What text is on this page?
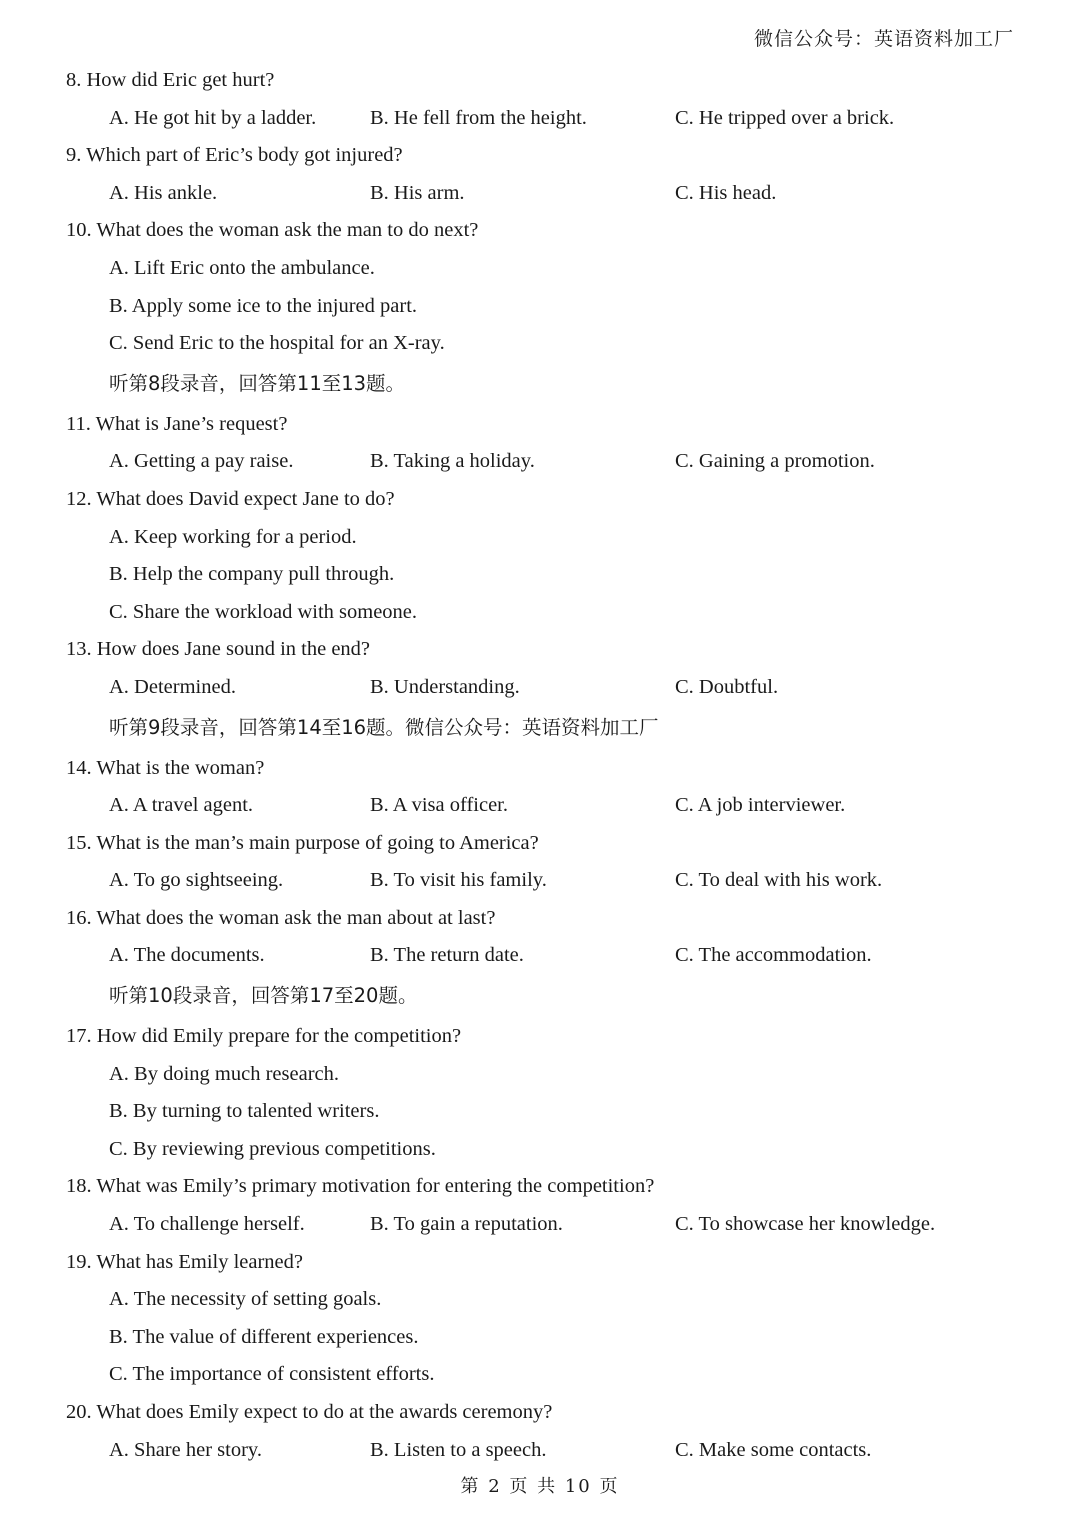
微信公众号：英语资料加工厂
8. How did Eric get hurt?
A. He got hit by a ladder.	B. He fell from the height.	C. He tripped over a brick.
9. Which part of Eric’s body got injured?
A. His ankle.	B. His arm.	C. His head.
10. What does the woman ask the man to do next?
A. Lift Eric onto the ambulance.
B. Apply some ice to the injured part.
C. Send Eric to the hospital for an X-ray.
听第8段录音，回答第11至13题。
11. What is Jane’s request?
A. Getting a pay raise.	B. Taking a holiday.	C. Gaining a promotion.
12. What does David expect Jane to do?
A. Keep working for a period.
B. Help the company pull through.
C. Share the workload with someone.
13. How does Jane sound in the end?
A. Determined.	B. Understanding.	C. Doubtful.
听第9段录音，回答第14至16题。微信公众号：英语资料加工厂
14. What is the woman?
A. A travel agent.	B. A visa officer.	C. A job interviewer.
15. What is the man’s main purpose of going to America?
A. To go sightseeing.	B. To visit his family.	C. To deal with his work.
16. What does the woman ask the man about at last?
A. The documents.	B. The return date.	C. The accommodation.
听第10段录音，回答第17至20题。
17. How did Emily prepare for the competition?
A. By doing much research.
B. By turning to talented writers.
C. By reviewing previous competitions.
18. What was Emily’s primary motivation for entering the competition?
A. To challenge herself.	B. To gain a reputation.	C. To showcase her knowledge.
19. What has Emily learned?
A. The necessity of setting goals.
B. The value of different experiences.
C. The importance of consistent efforts.
20. What does Emily expect to do at the awards ceremony?
A. Share her story.	B. Listen to a speech.	C. Make some contacts.
第 2 页 共 10 页
